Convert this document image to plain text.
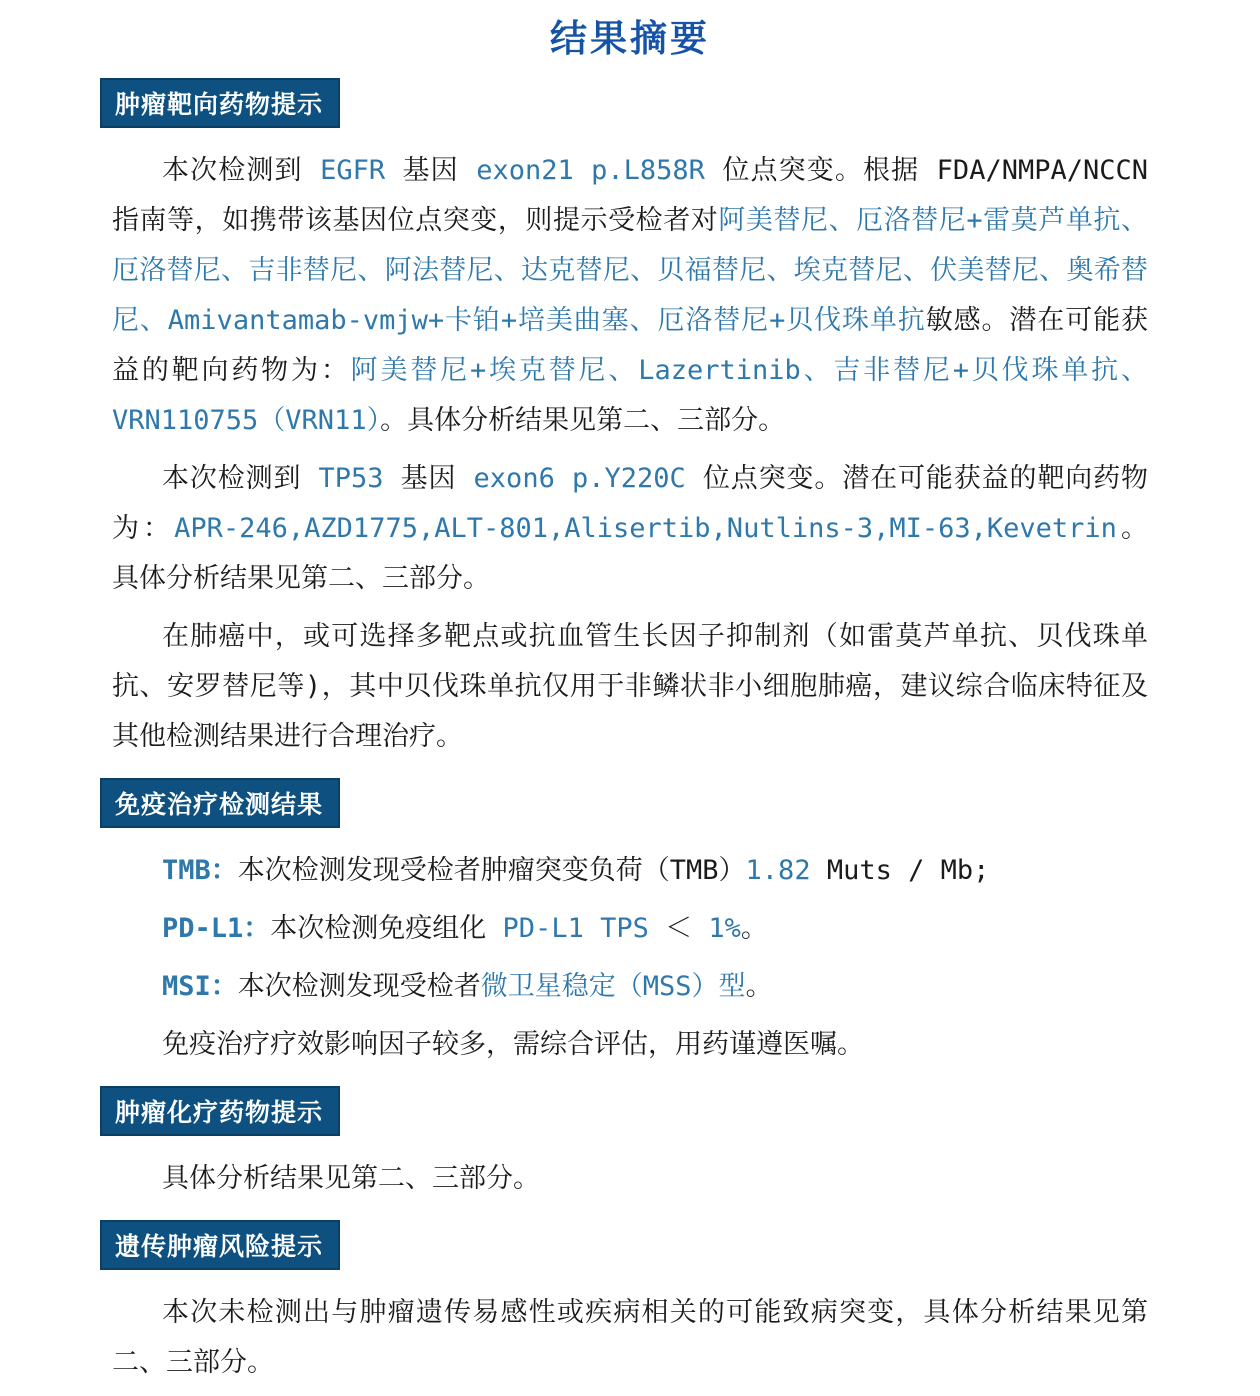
结果摘要
肿瘤靶向药物提示

本次检测到 EGFR 基因 exon21 p.L858R 位点突变。根据 FDA/NMPA/NCCN 指南等，如携带该基因位点突变，则提示受检者对阿美替尼、厄洛替尼+雷莫芦单抗、厄洛替尼、吉非替尼、阿法替尼、达克替尼、贝福替尼、埃克替尼、伏美替尼、奥希替尼、Amivantamab-vmjw+卡铂+培美曲塞、厄洛替尼+贝伐珠单抗敏感。潜在可能获益的靶向药物为：阿美替尼+埃克替尼、Lazertinib、吉非替尼+贝伐珠单抗、VRN110755（VRN11）。具体分析结果见第二、三部分。

本次检测到 TP53 基因 exon6 p.Y220C 位点突变。潜在可能获益的靶向药物为：APR-246,AZD1775,ALT-801,Alisertib,Nutlins-3,MI-63,Kevetrin。具体分析结果见第二、三部分。

在肺癌中，或可选择多靶点或抗血管生长因子抑制剂（如雷莫芦单抗、贝伐珠单抗、安罗替尼等)，其中贝伐珠单抗仅用于非鳞状非小细胞肺癌，建议综合临床特征及其他检测结果进行合理治疗。

免疫治疗检测结果

TMB：本次检测发现受检者肿瘤突变负荷（TMB）1.82 Muts / Mb;

PD-L1：本次检测免疫组化 PD-L1 TPS ＜ 1%。

MSI：本次检测发现受检者微卫星稳定（MSS）型。

免疫治疗疗效影响因子较多，需综合评估，用药谨遵医嘱。

肿瘤化疗药物提示

具体分析结果见第二、三部分。

遗传肿瘤风险提示

本次未检测出与肿瘤遗传易感性或疾病相关的可能致病突变，具体分析结果见第二、三部分。
